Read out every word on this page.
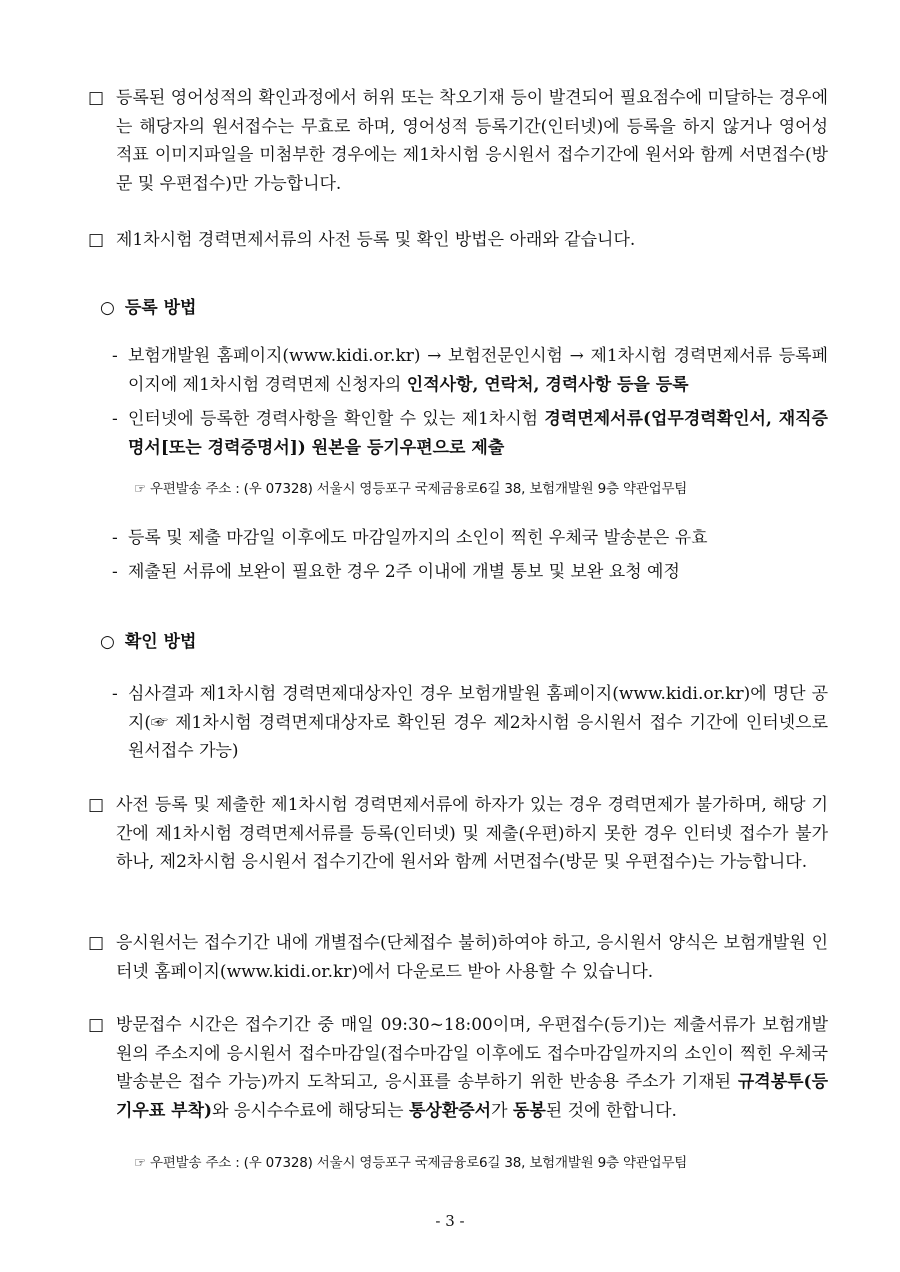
□ 등록된 영어성적의 확인과정에서 허위 또는 착오기재 등이 발견되어 필요점수에 미달하는 경우에는 해당자의 원서접수는 무효로 하며, 영어성적 등록기간(인터넷)에 등록을 하지 않거나 영어성적표 이미지파일을 미첨부한 경우에는 제1차시험 응시원서 접수기간에 원서와 함께 서면접수(방문 및 우편접수)만 가능합니다.
□ 제1차시험 경력면제서류의 사전 등록 및 확인 방법은 아래와 같습니다.
○ 등록 방법
- 보험개발원 홈페이지(www.kidi.or.kr) → 보험전문인시험 → 제1차시험 경력면제서류 등록페이지에 제1차시험 경력면제 신청자의 인적사항, 연락처, 경력사항 등을 등록
- 인터넷에 등록한 경력사항을 확인할 수 있는 제1차시험 경력면제서류(업무경력확인서, 재직증명서[또는 경력증명서]) 원본을 등기우편으로 제출
☞ 우편발송 주소 : (우 07328) 서울시 영등포구 국제금융로6길 38, 보험개발원 9층 약관업무팀
- 등록 및 제출 마감일 이후에도 마감일까지의 소인이 찍힌 우체국 발송분은 유효
- 제출된 서류에 보완이 필요한 경우 2주 이내에 개별 통보 및 보완 요청 예정
○ 확인 방법
- 심사결과 제1차시험 경력면제대상자인 경우 보험개발원 홈페이지(www.kidi.or.kr)에 명단 공지(☞ 제1차시험 경력면제대상자로 확인된 경우 제2차시험 응시원서 접수 기간에 인터넷으로 원서접수 가능)
□ 사전 등록 및 제출한 제1차시험 경력면제서류에 하자가 있는 경우 경력면제가 불가하며, 해당 기간에 제1차시험 경력면제서류를 등록(인터넷) 및 제출(우편)하지 못한 경우 인터넷 접수가 불가하나, 제2차시험 응시원서 접수기간에 원서와 함께 서면접수(방문 및 우편접수)는 가능합니다.
□ 응시원서는 접수기간 내에 개별접수(단체접수 불허)하여야 하고, 응시원서 양식은 보험개발원 인터넷 홈페이지(www.kidi.or.kr)에서 다운로드 받아 사용할 수 있습니다.
□ 방문접수 시간은 접수기간 중 매일 09:30~18:00이며, 우편접수(등기)는 제출서류가 보험개발원의 주소지에 응시원서 접수마감일(접수마감일 이후에도 접수마감일까지의 소인이 찍힌 우체국 발송분은 접수 가능)까지 도착되고, 응시표를 송부하기 위한 반송용 주소가 기재된 규격봉투(등기우표 부착)와 응시수수료에 해당되는 통상환증서가 동봉된 것에 한합니다.
☞ 우편발송 주소 : (우 07328) 서울시 영등포구 국제금융로6길 38, 보험개발원 9층 약관업무팀
- 3 -
